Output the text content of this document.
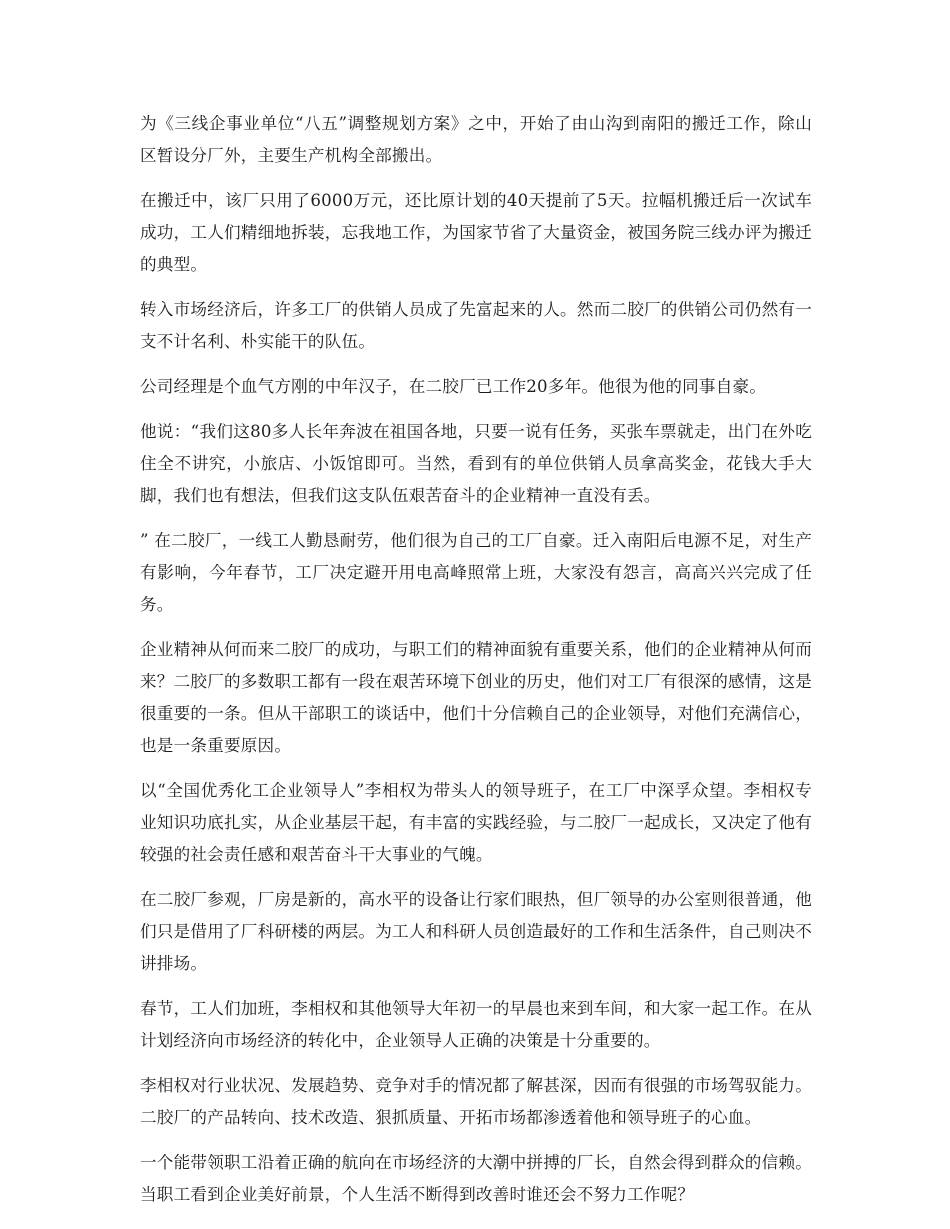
为《三线企事业单位“八五”调整规划方案》之中，开始了由山沟到南阳的搬迁工作，除山区暂设分厂外，主要生产机构全部搬出。

在搬迁中，该厂只用了6000万元，还比原计划的40天提前了5天。拉幅机搬迁后一次试车成功，工人们精细地拆装，忘我地工作，为国家节省了大量资金，被国务院三线办评为搬迁的典型。

转入市场经济后，许多工厂的供销人员成了先富起来的人。然而二胶厂的供销公司仍然有一支不计名利、朴实能干的队伍。

公司经理是个血气方刚的中年汉子，在二胶厂已工作20多年。他很为他的同事自豪。

他说：“我们这80多人长年奔波在祖国各地，只要一说有任务，买张车票就走，出门在外吃住全不讲究，小旅店、小饭馆即可。当然，看到有的单位供销人员拿高奖金，花钱大手大脚，我们也有想法，但我们这支队伍艰苦奋斗的企业精神一直没有丢。

” 在二胶厂，一线工人勤恳耐劳，他们很为自己的工厂自豪。迁入南阳后电源不足，对生产有影响，今年春节，工厂决定避开用电高峰照常上班，大家没有怨言，高高兴兴完成了任务。

企业精神从何而来二胶厂的成功，与职工们的精神面貌有重要关系，他们的企业精神从何而来？二胶厂的多数职工都有一段在艰苦环境下创业的历史，他们对工厂有很深的感情，这是很重要的一条。但从干部职工的谈话中，他们十分信赖自己的企业领导，对他们充满信心，也是一条重要原因。

以“全国优秀化工企业领导人”李相权为带头人的领导班子，在工厂中深孚众望。李相权专业知识功底扎实，从企业基层干起，有丰富的实践经验，与二胶厂一起成长，又决定了他有较强的社会责任感和艰苦奋斗干大事业的气魄。

在二胶厂参观，厂房是新的，高水平的设备让行家们眼热，但厂领导的办公室则很普通，他们只是借用了厂科研楼的两层。为工人和科研人员创造最好的工作和生活条件，自己则决不讲排场。

春节，工人们加班，李相权和其他领导大年初一的早晨也来到车间，和大家一起工作。在从计划经济向市场经济的转化中，企业领导人正确的决策是十分重要的。

李相权对行业状况、发展趋势、竞争对手的情况都了解甚深，因而有很强的市场驾驭能力。二胶厂的产品转向、技术改造、狠抓质量、开拓市场都渗透着他和领导班子的心血。

一个能带领职工沿着正确的航向在市场经济的大潮中拼搏的厂长，自然会得到群众的信赖。当职工看到企业美好前景，个人生活不断得到改善时谁还会不努力工作呢？
